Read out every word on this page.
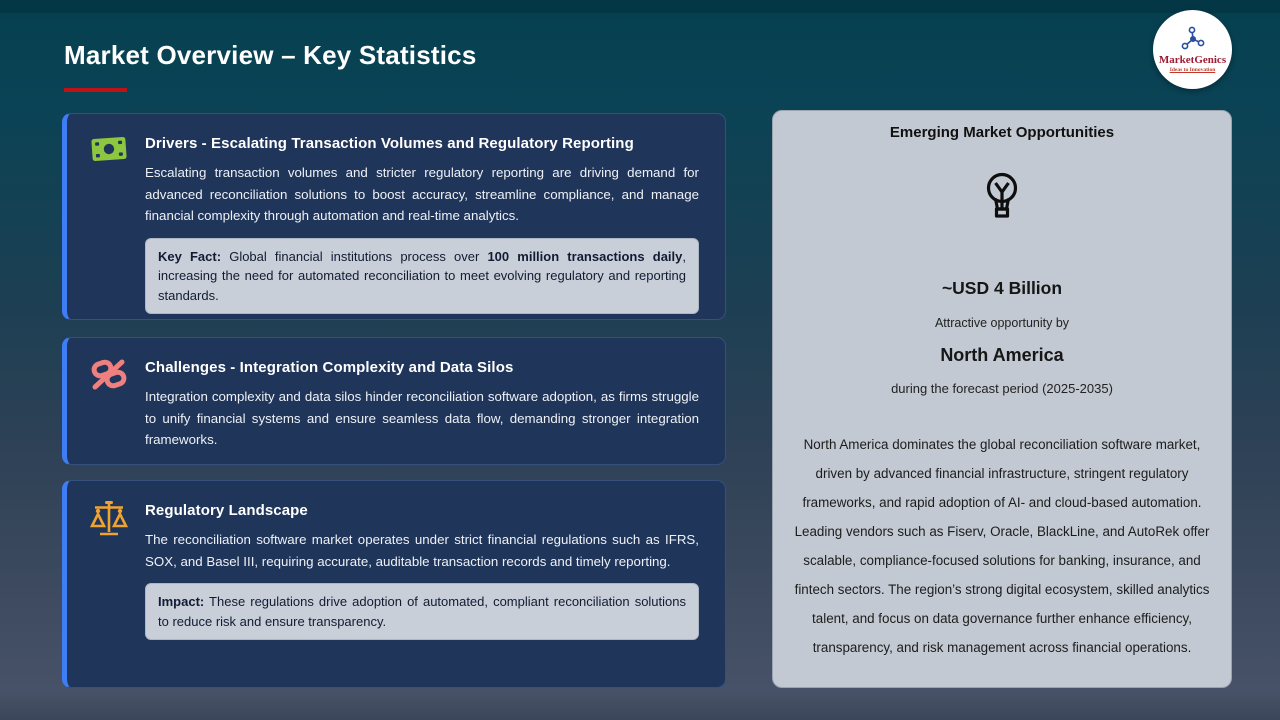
Market Overview – Key Statistics	MarketGenics
Ideas to Innovation
Drivers - Escalating Transaction Volumes and Regulatory Reporting
Escalating transaction volumes and stricter regulatory reporting are driving demand for advanced reconciliation solutions to boost accuracy, streamline compliance, and manage financial complexity through automation and real-time analytics.
Key Fact: Global financial institutions process over 100 million transactions daily, increasing the need for automated reconciliation to meet evolving regulatory and reporting standards.
Challenges - Integration Complexity and Data Silos
Integration complexity and data silos hinder reconciliation software adoption, as firms struggle to unify financial systems and ensure seamless data flow, demanding stronger integration frameworks.
Regulatory Landscape
The reconciliation software market operates under strict financial regulations such as IFRS, SOX, and Basel III, requiring accurate, auditable transaction records and timely reporting.
Impact: These regulations drive adoption of automated, compliant reconciliation solutions to reduce risk and ensure transparency.
Emerging Market Opportunities
~USD 4 Billion
Attractive opportunity by
North America
during the forecast period (2025-2035)
North America dominates the global reconciliation software market, driven by advanced financial infrastructure, stringent regulatory frameworks, and rapid adoption of AI- and cloud-based automation. Leading vendors such as Fiserv, Oracle, BlackLine, and AutoRek offer scalable, compliance-focused solutions for banking, insurance, and fintech sectors. The region’s strong digital ecosystem, skilled analytics talent, and focus on data governance further enhance efficiency, transparency, and risk management across financial operations.
